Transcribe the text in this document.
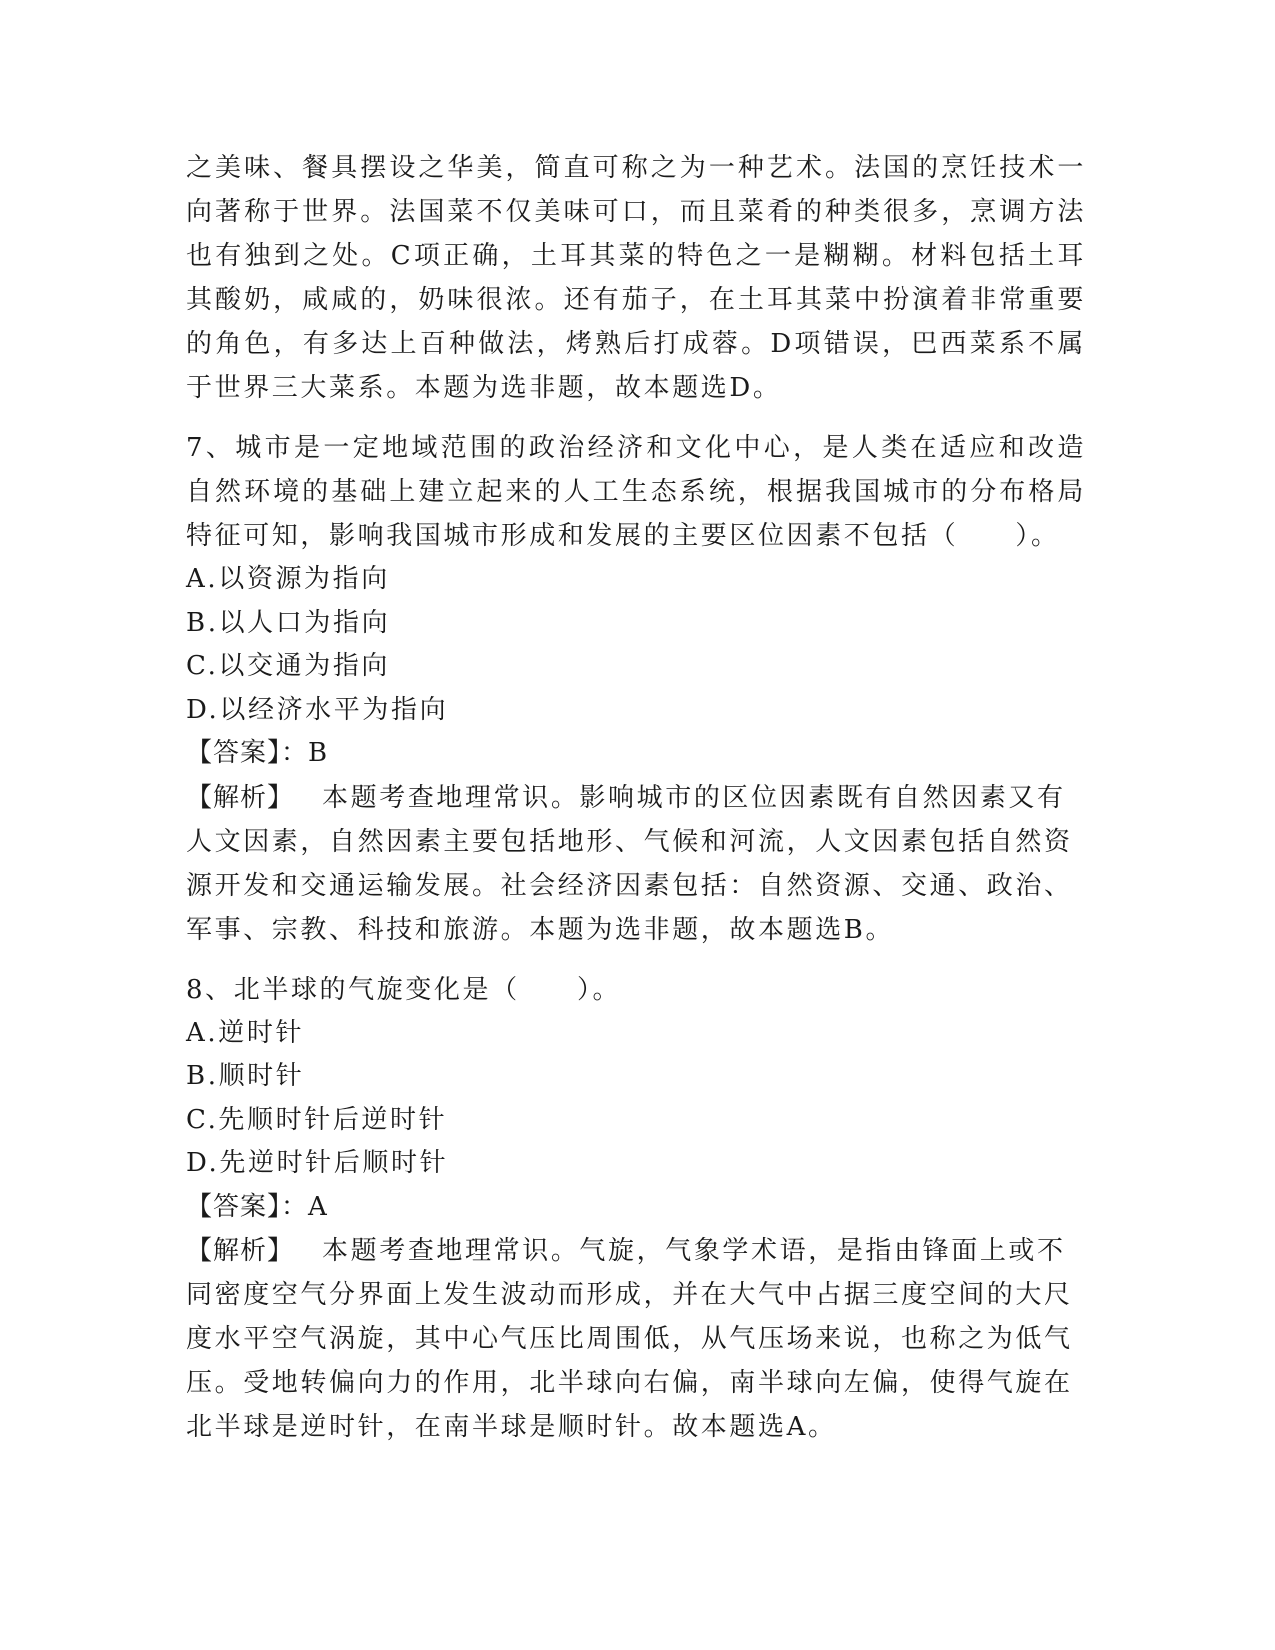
之美味、餐具摆设之华美，简直可称之为一种艺术。法国的烹饪技术一向著称于世界。法国菜不仅美味可口，而且菜肴的种类很多，烹调方法也有独到之处。C项正确，土耳其菜的特色之一是糊糊。材料包括土耳其酸奶，咸咸的，奶味很浓。还有茄子，在土耳其菜中扮演着非常重要的角色，有多达上百种做法，烤熟后打成蓉。D项错误，巴西菜系不属于世界三大菜系。本题为选非题，故本题选D。

7、城市是一定地域范围的政治经济和文化中心，是人类在适应和改造自然环境的基础上建立起来的人工生态系统，根据我国城市的分布格局特征可知，影响我国城市形成和发展的主要区位因素不包括（　　）。

A.以资源为指向

B.以人口为指向

C.以交通为指向

D.以经济水平为指向

【答案】：B

【解析】 本题考查地理常识。影响城市的区位因素既有自然因素又有人文因素，自然因素主要包括地形、气候和河流，人文因素包括自然资源开发和交通运输发展。社会经济因素包括：自然资源、交通、政治、军事、宗教、科技和旅游。本题为选非题，故本题选B。

8、北半球的气旋变化是（　　）。

A.逆时针

B.顺时针

C.先顺时针后逆时针

D.先逆时针后顺时针

【答案】：A

【解析】 本题考查地理常识。气旋，气象学术语，是指由锋面上或不同密度空气分界面上发生波动而形成，并在大气中占据三度空间的大尺度水平空气涡旋，其中心气压比周围低，从气压场来说，也称之为低气压。受地转偏向力的作用，北半球向右偏，南半球向左偏，使得气旋在北半球是逆时针，在南半球是顺时针。故本题选A。
